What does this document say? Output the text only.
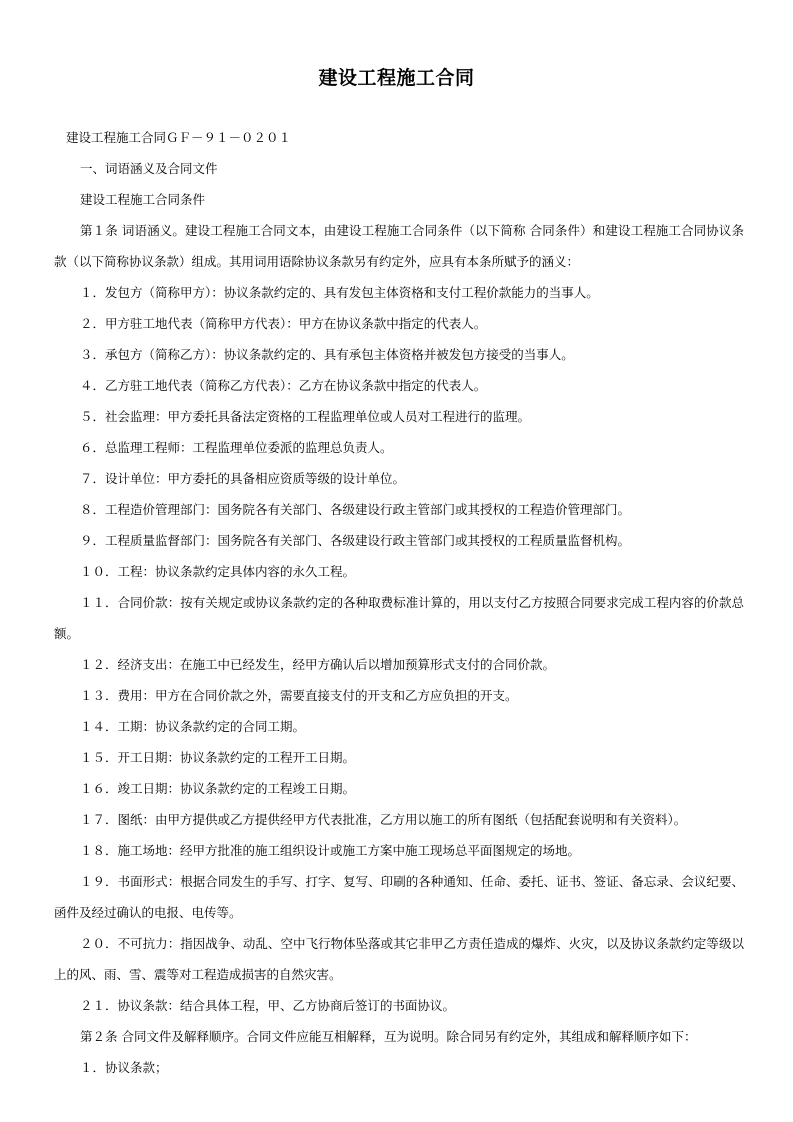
建设工程施工合同

建设工程施工合同ＧＦ－９１－０２０１

一、词语涵义及合同文件

建设工程施工合同条件

第１条 词语涵义。建设工程施工合同文本，由建设工程施工合同条件（以下简称 合同条件）和建设工程施工合同协议条款（以下简称协议条款）组成。其用词用语除协议条款另有约定外，应具有本条所赋予的涵义：

１．发包方（简称甲方）：协议条款约定的、具有发包主体资格和支付工程价款能力的当事人。

２．甲方驻工地代表（简称甲方代表）：甲方在协议条款中指定的代表人。

３．承包方（简称乙方）：协议条款约定的、具有承包主体资格并被发包方接受的当事人。

４．乙方驻工地代表（简称乙方代表）：乙方在协议条款中指定的代表人。

５．社会监理：甲方委托具备法定资格的工程监理单位或人员对工程进行的监理。

６．总监理工程师：工程监理单位委派的监理总负责人。

７．设计单位：甲方委托的具备相应资质等级的设计单位。

８．工程造价管理部门：国务院各有关部门、各级建设行政主管部门或其授权的工程造价管理部门。

９．工程质量监督部门：国务院各有关部门、各级建设行政主管部门或其授权的工程质量监督机构。

１０．工程：协议条款约定具体内容的永久工程。

１１．合同价款：按有关规定或协议条款约定的各种取费标准计算的，用以支付乙方按照合同要求完成工程内容的价款总额。

１２．经济支出：在施工中已经发生，经甲方确认后以增加预算形式支付的合同价款。

１３．费用：甲方在合同价款之外，需要直接支付的开支和乙方应负担的开支。

１４．工期：协议条款约定的合同工期。

１５．开工日期：协议条款约定的工程开工日期。

１６．竣工日期：协议条款约定的工程竣工日期。

１７．图纸：由甲方提供或乙方提供经甲方代表批准，乙方用以施工的所有图纸（包括配套说明和有关资料）。

１８．施工场地：经甲方批准的施工组织设计或施工方案中施工现场总平面图规定的场地。

１９．书面形式：根据合同发生的手写、打字、复写、印刷的各种通知、任命、委托、证书、签证、备忘录、会议纪要、函件及经过确认的电报、电传等。

２０．不可抗力：指因战争、动乱、空中飞行物体坠落或其它非甲乙方责任造成的爆炸、火灾，以及协议条款约定等级以上的风、雨、雪、震等对工程造成损害的自然灾害。

２１．协议条款：结合具体工程，甲、乙方协商后签订的书面协议。

第２条 合同文件及解释顺序。合同文件应能互相解释，互为说明。除合同另有约定外，其组成和解释顺序如下：

１．协议条款；
